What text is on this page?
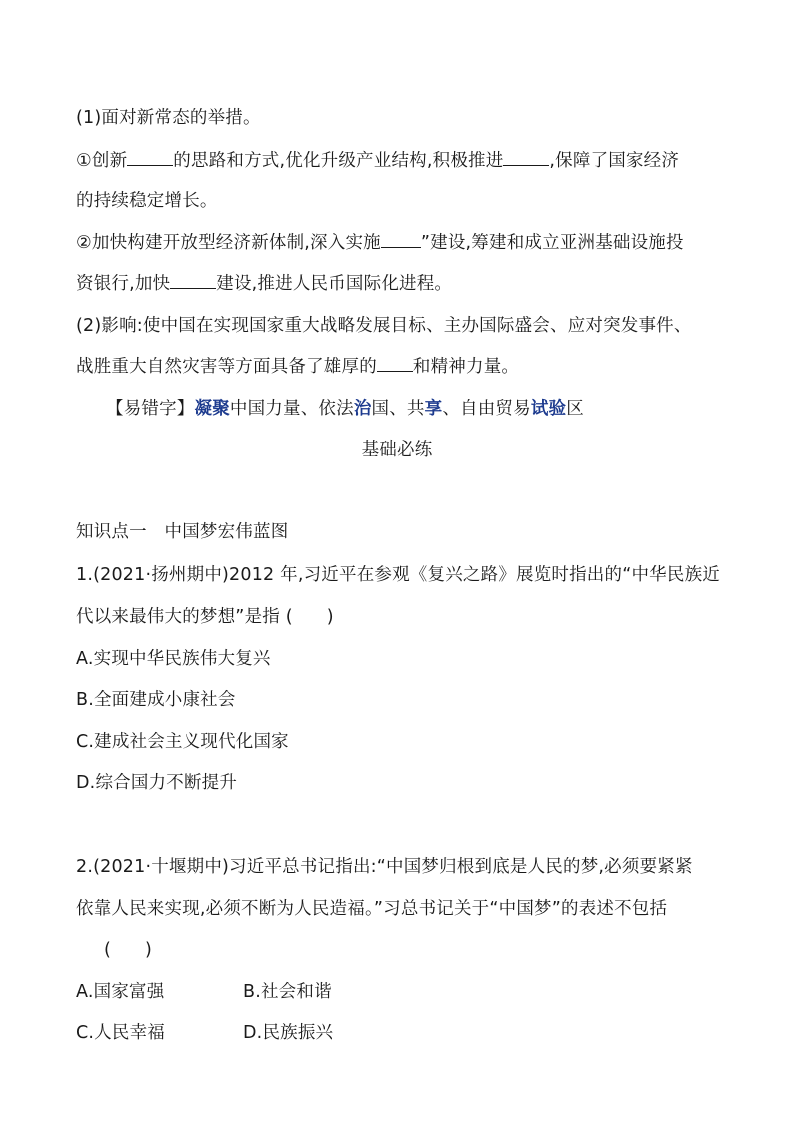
(1)面对新常态的举措。
①创新	的思路和方式,优化升级产业结构,积极推进	,保障了国家经济
的持续稳定增长。
②加快构建开放型经济新体制,深入实施 ”建设,筹建和成立亚洲基础设施投
资银行,加快	建设,推进人民币国际化进程。
(2)影响:使中国在实现国家重大战略发展目标、主办国际盛会、应对突发事件、
战胜重大自然灾害等方面具备了雄厚的 和精神力量。
【易错字】凝聚中国力量、依法治国、共享、自由贸易试验区
基础必练
知识点一　中国梦宏伟蓝图
1.(2021·扬州期中)2012 年,习近平在参观《复兴之路》展览时指出的“中华民族近
代以来最伟大的梦想”是指 ( )
A.实现中华民族伟大复兴
B.全面建成小康社会
C.建成社会主义现代化国家
D.综合国力不断提升
2.(2021·十堰期中)习近平总书记指出:“中国梦归根到底是人民的梦,必须要紧紧
依靠人民来实现,必须不断为人民造福。”习总书记关于“中国梦”的表述不包括
( )
A.国家富强	B.社会和谐
C.人民幸福	D.民族振兴
